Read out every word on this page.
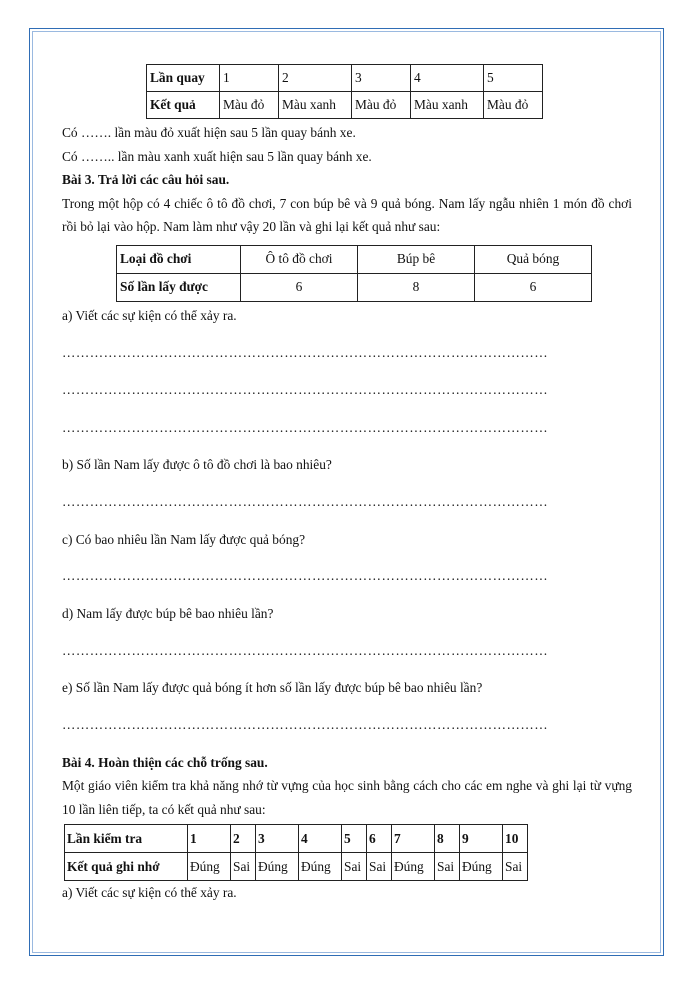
Lần quay	1	2	3	4	5
Kết quả	Màu đỏ	Màu xanh	Màu đỏ	Màu xanh	Màu đỏ

Có ……. lần màu đỏ xuất hiện sau 5 lần quay bánh xe.

Có …….. lần màu xanh xuất hiện sau 5 lần quay bánh xe.

Bài 3. Trả lời các câu hỏi sau.

Trong một hộp có 4 chiếc ô tô đồ chơi, 7 con búp bê và 9 quả bóng. Nam lấy ngẫu nhiên 1 món đồ chơi rồi bỏ lại vào hộp. Nam làm như vậy 20 lần và ghi lại kết quả như sau:

Loại đồ chơi	Ô tô đồ chơi	Búp bê	Quả bóng
Số lần lấy được	6	8	6

a) Viết các sự kiện có thể xảy ra.

……………………………………………………………………………………………

……………………………………………………………………………………………

……………………………………………………………………………………………

b) Số lần Nam lấy được ô tô đồ chơi là bao nhiêu?

……………………………………………………………………………………………

c) Có bao nhiêu lần Nam lấy được quả bóng?

……………………………………………………………………………………………

d) Nam lấy được búp bê bao nhiêu lần?

……………………………………………………………………………………………

e) Số lần Nam lấy được quả bóng ít hơn số lần lấy được búp bê bao nhiêu lần?

……………………………………………………………………………………………

Bài 4. Hoàn thiện các chỗ trống sau.

Một giáo viên kiểm tra khả năng nhớ từ vựng của học sinh bằng cách cho các em nghe và ghi lại từ vựng 10 lần liên tiếp, ta có kết quả như sau:

Lần kiểm tra	1	2	3	4	5	6	7	8	9	10
Kết quả ghi nhớ	Đúng	Sai	Đúng	Đúng	Sai	Sai	Đúng	Sai	Đúng	Sai

a) Viết các sự kiện có thể xảy ra.
